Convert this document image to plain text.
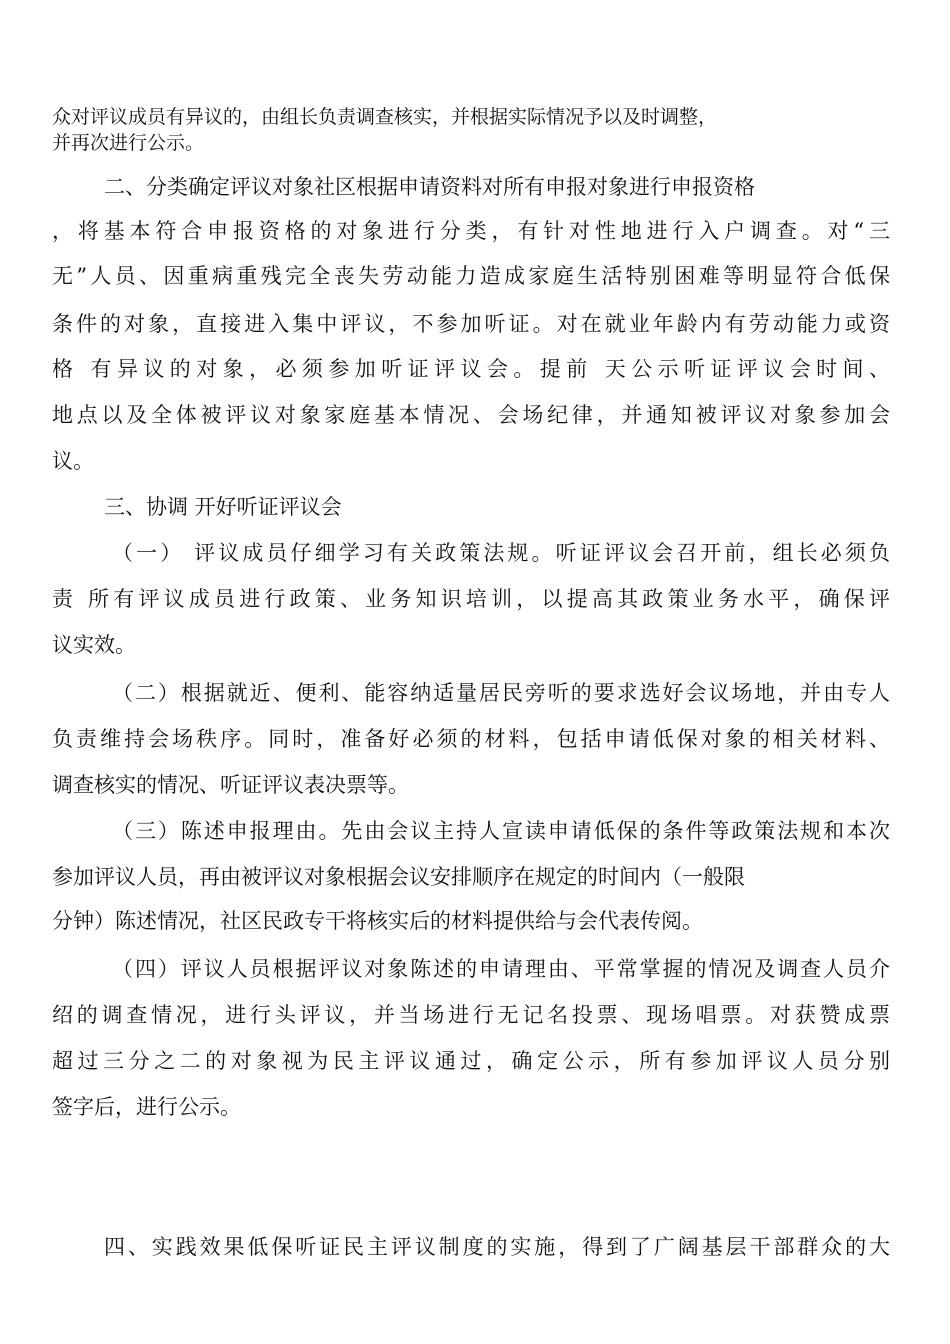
众对评议成员有异议的，由组长负责调查核实，并根据实际情况予以及时调整，
并再次进行公示。
二、分类确定评议对象社区根据申请资料对所有申报对象进行申报资格
，将基本符合申报资格的对象进行分类，有针对性地进行入户调查。对“三
无”人员、因重病重残完全丧失劳动能力造成家庭生活特别困难等明显符合低保
条件的对象，直接进入集中评议，不参加听证。对在就业年龄内有劳动能力或资
格 有异议的对象，必须参加听证评议会。提前 天公示听证评议会时间、
地点以及全体被评议对象家庭基本情况、会场纪律，并通知被评议对象参加会
议。
三、协调 开好听证评议会
（一） 评议成员仔细学习有关政策法规。听证评议会召开前，组长必须负
责 所有评议成员进行政策、业务知识培训，以提高其政策业务水平，确保评
议实效。
（二）根据就近、便利、能容纳适量居民旁听的要求选好会议场地，并由专人
负责维持会场秩序。同时，准备好必须的材料，包括申请低保对象的相关材料、
调查核实的情况、听证评议表决票等。
（三）陈述申报理由。先由会议主持人宣读申请低保的条件等政策法规和本次
参加评议人员，再由被评议对象根据会议安排顺序在规定的时间内（一般限
分钟）陈述情况，社区民政专干将核实后的材料提供给与会代表传阅。
（四）评议人员根据评议对象陈述的申请理由、平常掌握的情况及调查人员介
绍的调查情况，进行头评议，并当场进行无记名投票、现场唱票。对获赞成票
超过三分之二的对象视为民主评议通过，确定公示，所有参加评议人员分别
签字后，进行公示。
四、实践效果低保听证民主评议制度的实施，得到了广阔基层干部群众的大
